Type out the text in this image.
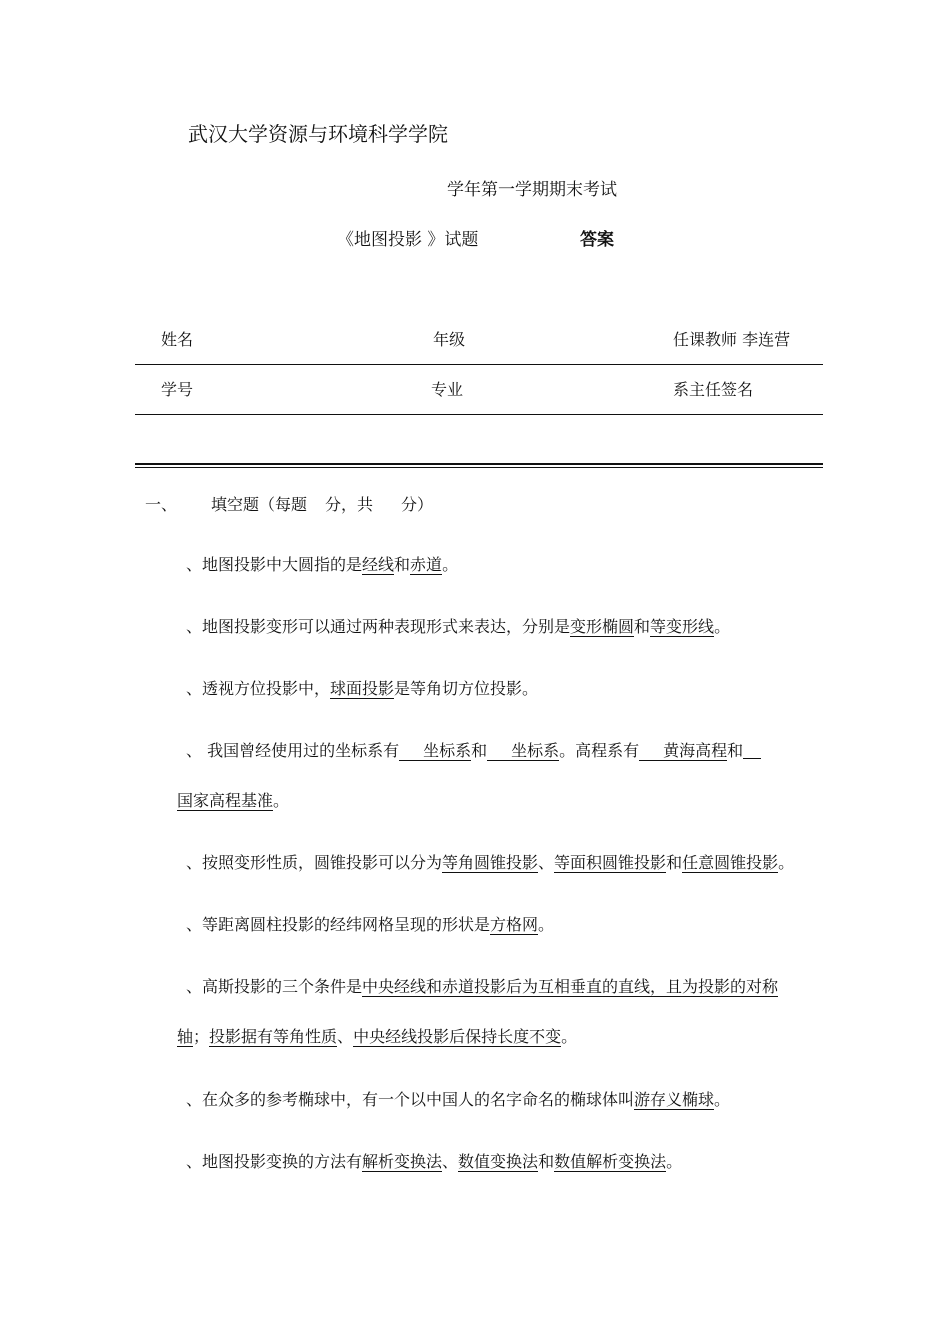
武汉大学资源与环境科学学院
学年第一学期期末考试
《地图投影 》试题	答案
姓名	年级	任课教师 李连营
学号	专业	系主任签名
一、 填空题（每题 分，共 分）
、地图投影中大圆指的是经线和赤道。
、地图投影变形可以通过两种表现形式来表达，分别是变形椭圆和等变形线。
、透视方位投影中，球面投影是等角切方位投影。
、 我国曾经使用过的坐标系有 坐标系和 坐标系。高程系有 黄海高程和
国家高程基准。
、按照变形性质，圆锥投影可以分为等角圆锥投影、等面积圆锥投影和任意圆锥投影。
、等距离圆柱投影的经纬网格呈现的形状是方格网。
、高斯投影的三个条件是中央经线和赤道投影后为互相垂直的直线，且为投影的对称
轴；投影据有等角性质、中央经线投影后保持长度不变。
、在众多的参考椭球中，有一个以中国人的名字命名的椭球体叫游存义椭球。
、地图投影变换的方法有解析变换法、数值变换法和数值解析变换法。
